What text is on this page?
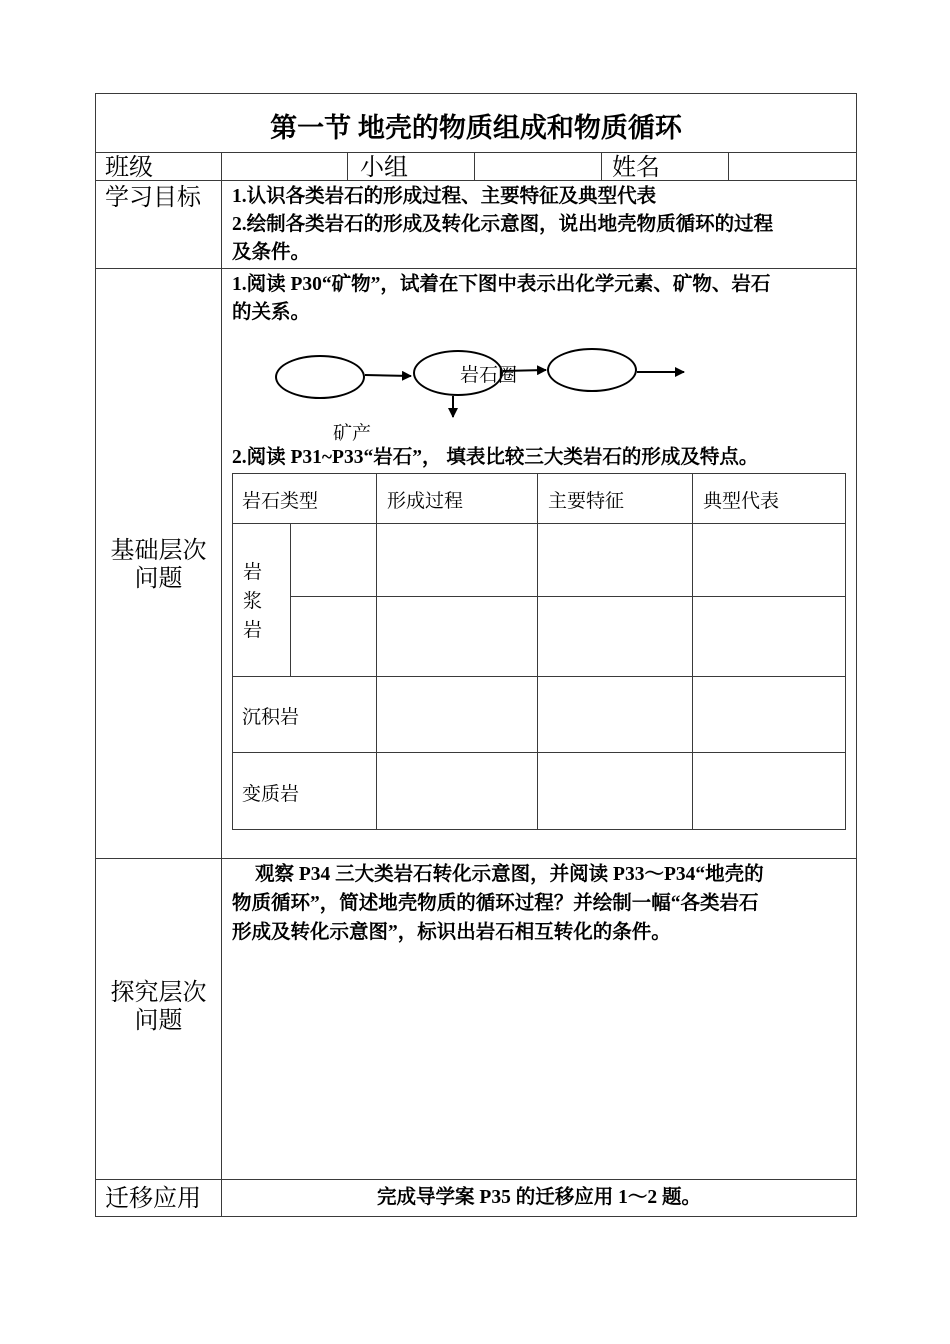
第一节 地壳的物质组成和物质循环
班级	小组	姓名
学习目标 1.认识各类岩石的形成过程、主要特征及典型代表
2.绘制各类岩石的形成及转化示意图，说出地壳物质循环的过程
及条件。
基础层次
问题
1.阅读 P30“矿物”，试着在下图中表示出化学元素、矿物、岩石
的关系。
岩石圈
矿产
2.阅读 P31~P33“岩石”， 填表比较三大类岩石的形成及特点。
岩石类型	形成过程	主要特征	典型代表
岩
浆
岩
沉积岩
变质岩
探究层次
问题
观察 P34 三大类岩石转化示意图，并阅读 P33～P34“地壳的
物质循环”，简述地壳物质的循环过程？并绘制一幅“各类岩石
形成及转化示意图”，标识出岩石相互转化的条件。
迁移应用	完成导学案 P35 的迁移应用 1～2 题。
